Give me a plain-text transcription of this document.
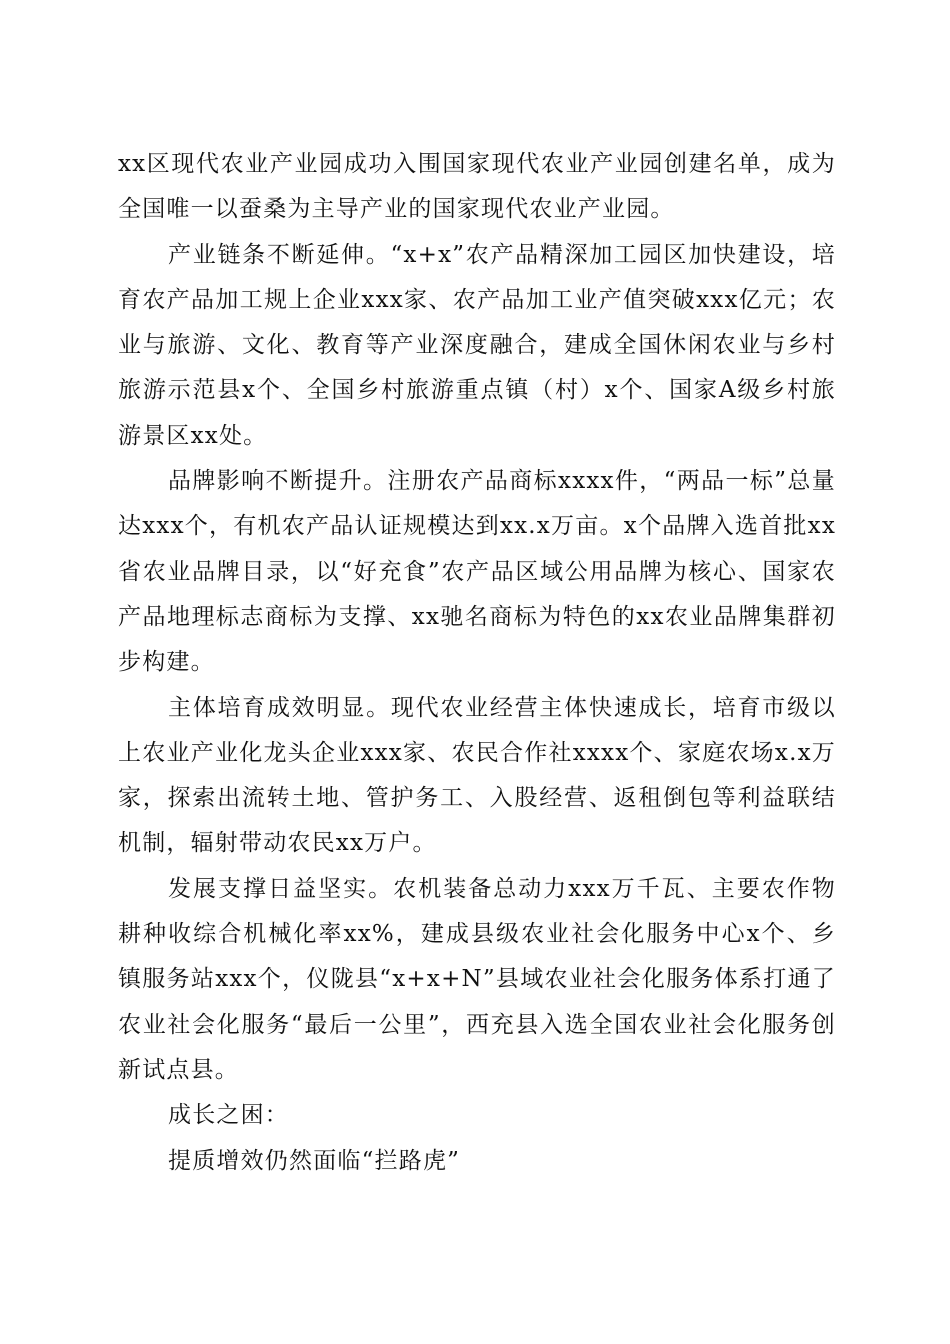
xx区现代农业产业园成功入围国家现代农业产业园创建名单，成为全国唯一以蚕桑为主导产业的国家现代农业产业园。

产业链条不断延伸。“x+x”农产品精深加工园区加快建设，培育农产品加工规上企业xxx家、农产品加工业产值突破xxx亿元；农业与旅游、文化、教育等产业深度融合，建成全国休闲农业与乡村旅游示范县x个、全国乡村旅游重点镇（村）x个、国家A级乡村旅游景区xx处。

品牌影响不断提升。注册农产品商标xxxx件，“两品一标”总量达xxx个，有机农产品认证规模达到xx.x万亩。x个品牌入选首批xx省农业品牌目录，以“好充食”农产品区域公用品牌为核心、国家农产品地理标志商标为支撑、xx驰名商标为特色的xx农业品牌集群初步构建。

主体培育成效明显。现代农业经营主体快速成长，培育市级以上农业产业化龙头企业xxx家、农民合作社xxxx个、家庭农场x.x万家，探索出流转土地、管护务工、入股经营、返租倒包等利益联结机制，辐射带动农民xx万户。

发展支撑日益坚实。农机装备总动力xxx万千瓦、主要农作物耕种收综合机械化率xx%，建成县级农业社会化服务中心x个、乡镇服务站xxx个，仪陇县“x+x+N”县域农业社会化服务体系打通了农业社会化服务“最后一公里”，西充县入选全国农业社会化服务创新试点县。

成长之困：

提质增效仍然面临“拦路虎”
